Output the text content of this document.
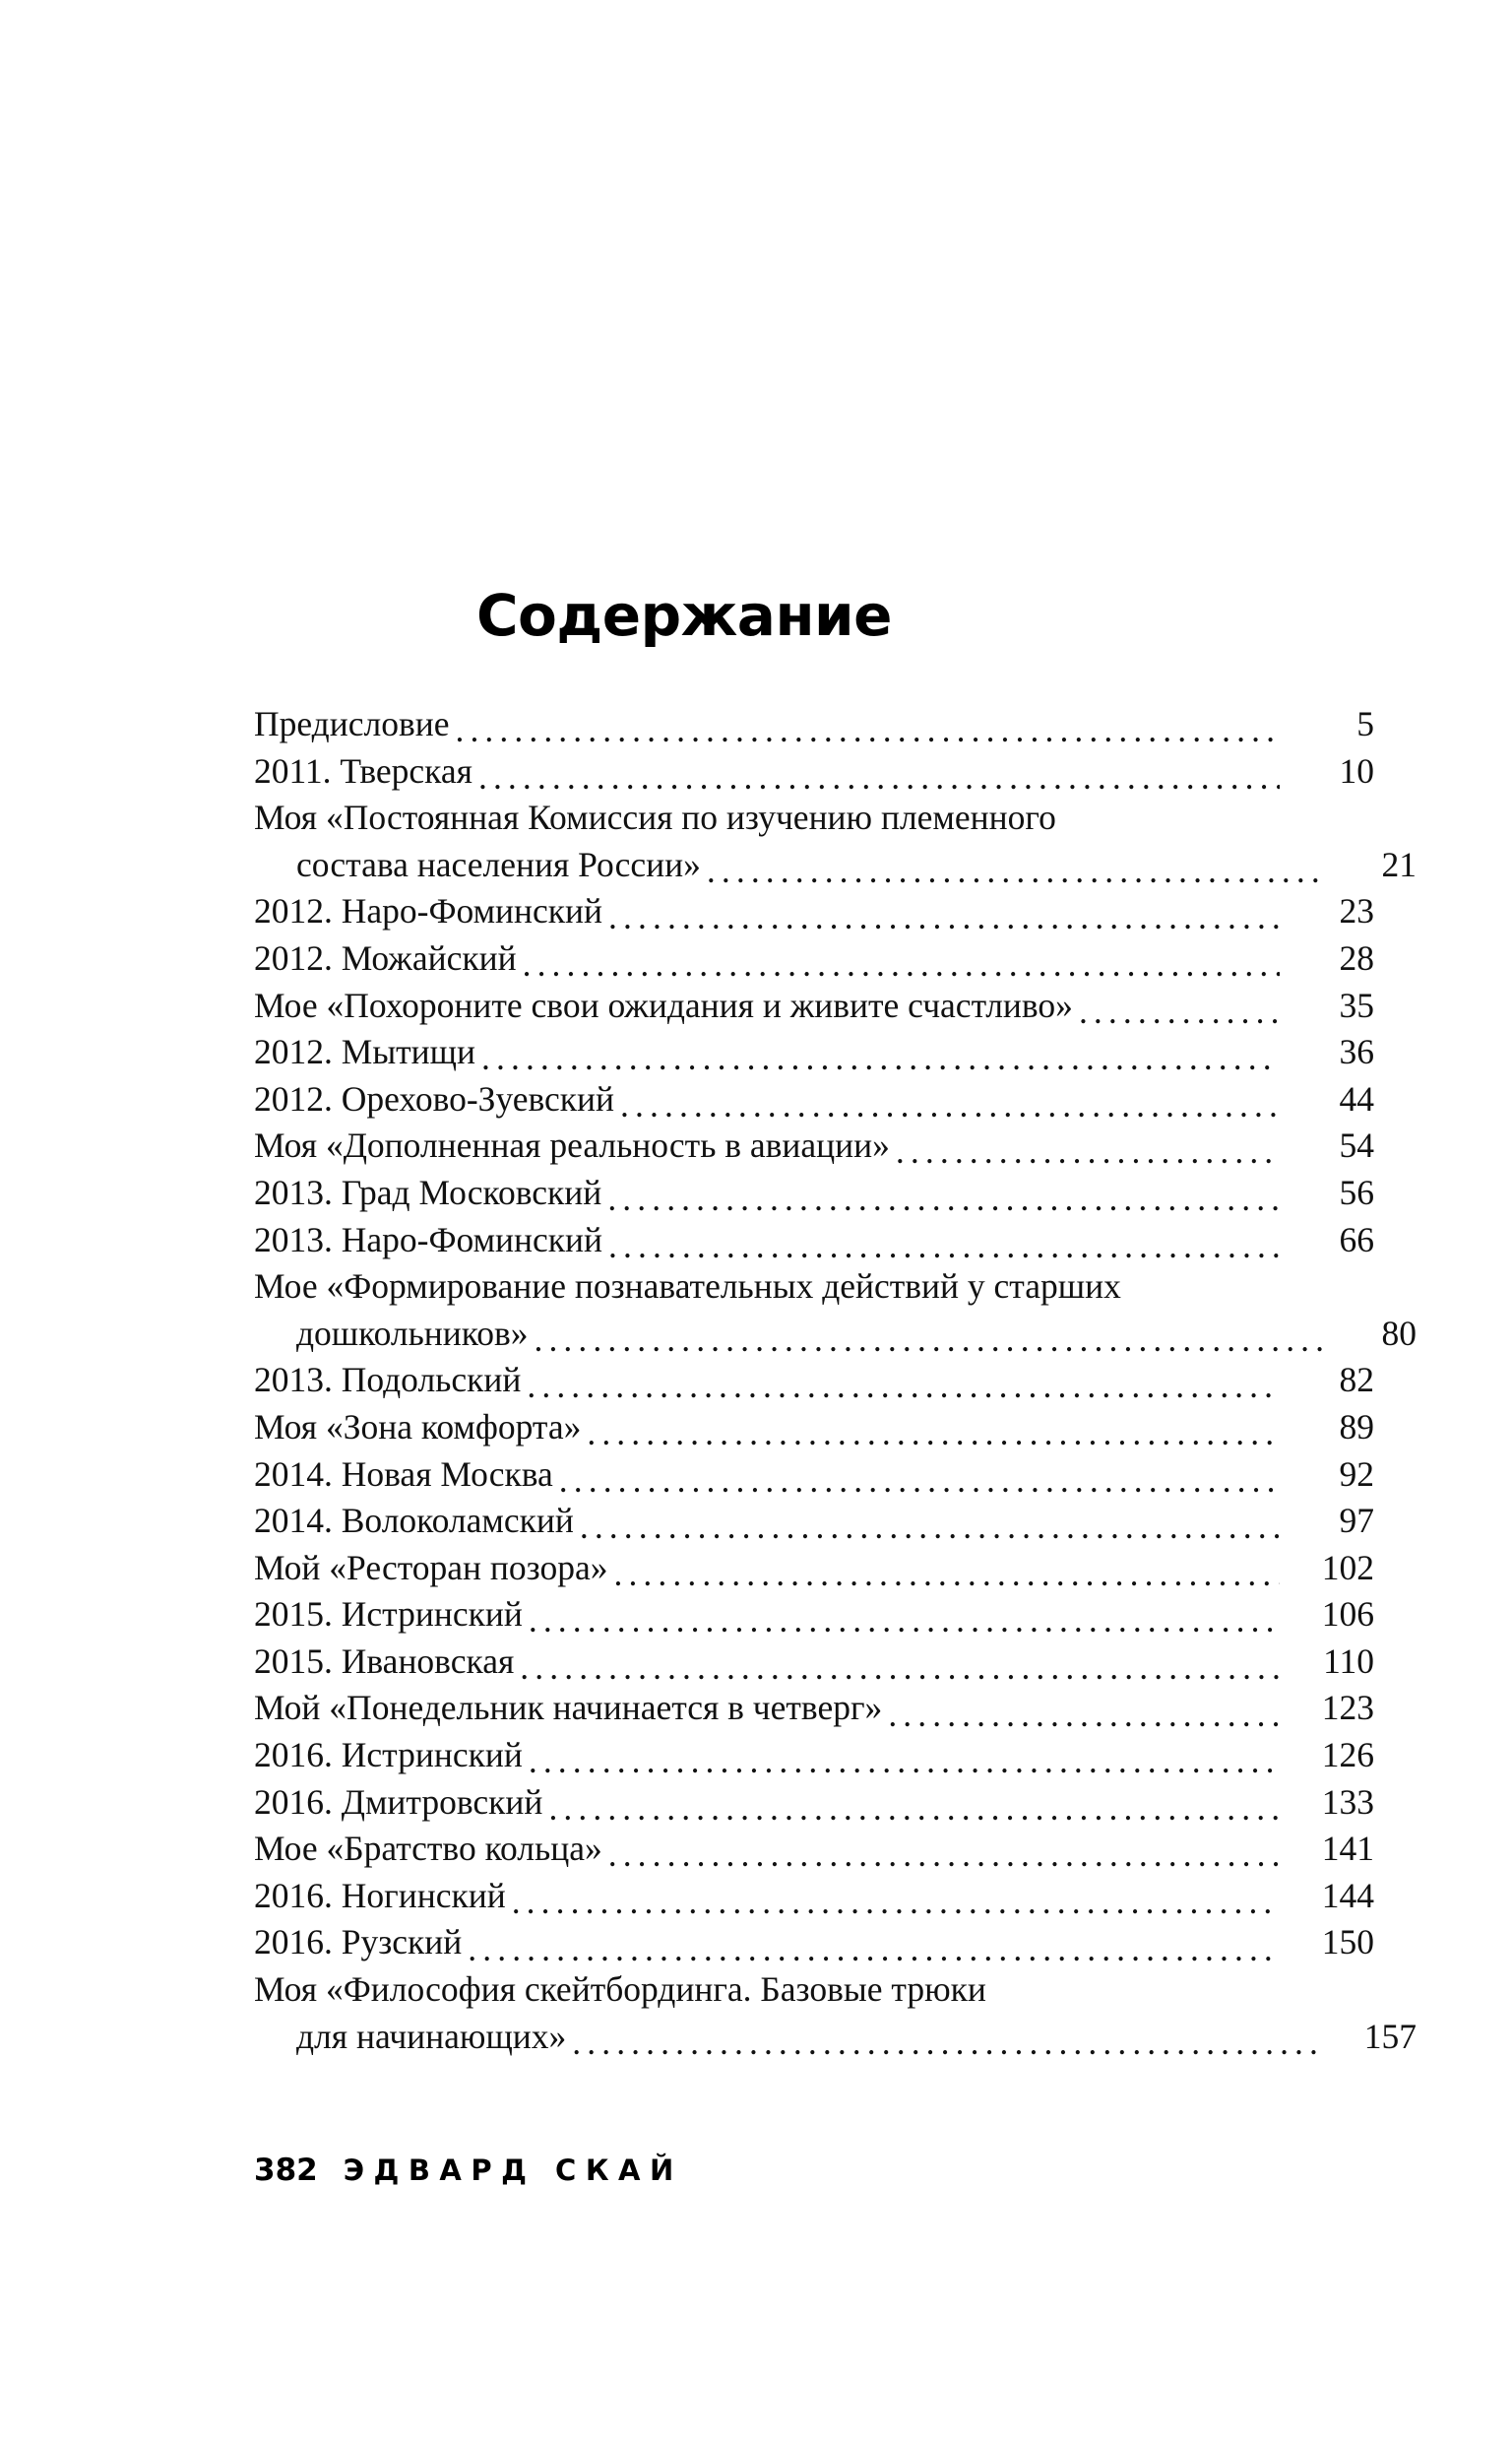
Содержание
Предисловие .....	5
2011. Тверская .....	10
Моя «Постоянная Комиссия по изучению племенного
состава населения России» .....	21
2012. Наро-Фоминский .....	23
2012. Можайский .....	28
Мое «Похороните свои ожидания и живите счастливо» .....	35
2012. Мытищи .....	36
2012. Орехово-Зуевский .....	44
Моя «Дополненная реальность в авиации» .....	54
2013. Град Московский .....	56
2013. Наро-Фоминский .....	66
Мое «Формирование познавательных действий у старших
дошкольников» .....	80
2013. Подольский .....	82
Моя «Зона комфорта» .....	89
2014. Новая Москва .....	92
2014. Волоколамский .....	97
Мой «Ресторан позора» .....	102
2015. Истринский .....	106
2015. Ивановская .....	110
Мой «Понедельник начинается в четверг» .....	123
2016. Истринский .....	126
2016. Дмитровский .....	133
Мое «Братство кольца» .....	141
2016. Ногинский .....	144
2016. Рузский .....	150
Моя «Философия скейтбординга. Базовые трюки
для начинающих» .....	157
382 ЭДВАРД СКАЙ
